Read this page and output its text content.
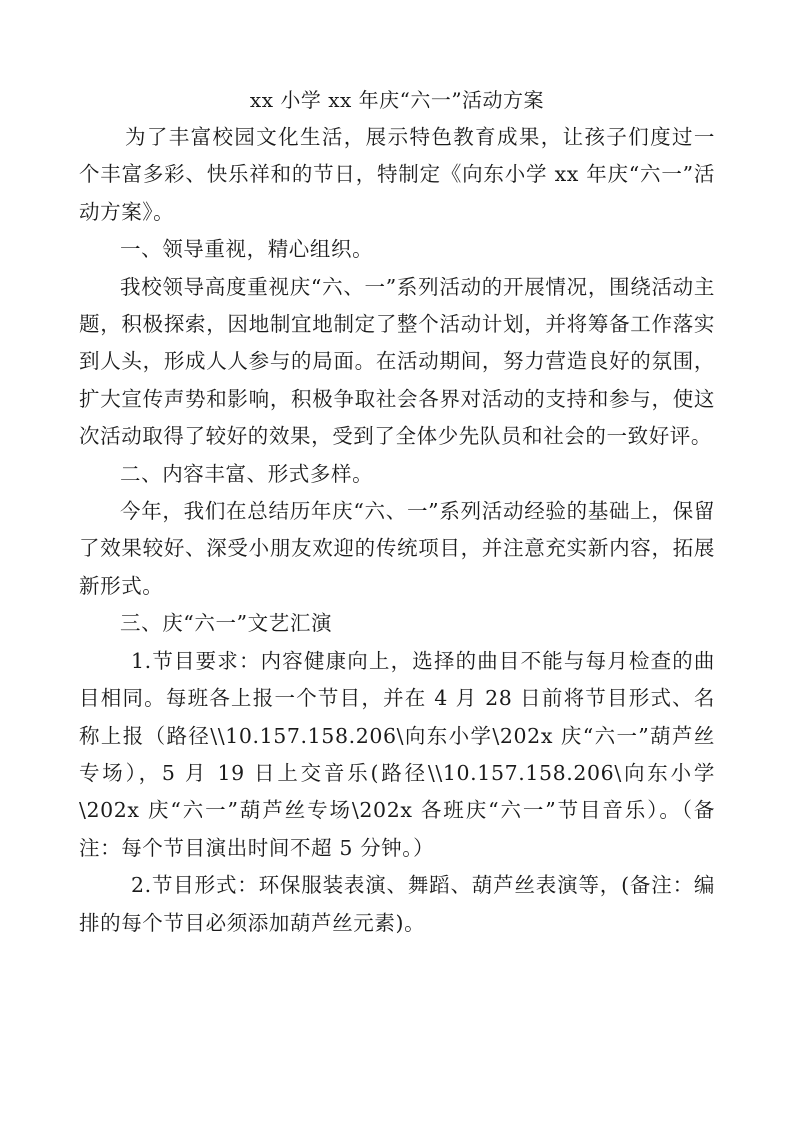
xx 小学 xx 年庆“六一”活动方案

为了丰富校园文化生活，展示特色教育成果，让孩子们度过一个丰富多彩、快乐祥和的节日，特制定《向东小学 xx 年庆“六一”活动方案》。

一、领导重视，精心组织。

我校领导高度重视庆“六、一”系列活动的开展情况，围绕活动主题，积极探索，因地制宜地制定了整个活动计划，并将筹备工作落实到人头，形成人人参与的局面。在活动期间，努力营造良好的氛围，扩大宣传声势和影响，积极争取社会各界对活动的支持和参与，使这次活动取得了较好的效果，受到了全体少先队员和社会的一致好评。

二、内容丰富、形式多样。

今年，我们在总结历年庆“六、一”系列活动经验的基础上，保留了效果较好、深受小朋友欢迎的传统项目，并注意充实新内容，拓展新形式。

三、庆“六一”文艺汇演

1.节目要求：内容健康向上，选择的曲目不能与每月检查的曲目相同。每班各上报一个节目，并在 4 月 28 日前将节目形式、名称上报（路径\\10.157.158.206\向东小学\202x 庆“六一”葫芦丝专场），5 月 19 日上交音乐(路径\\10.157.158.206\向东小学\202x 庆“六一”葫芦丝专场\202x 各班庆“六一”节目音乐）。（备注：每个节目演出时间不超 5 分钟。）

2.节目形式：环保服装表演、舞蹈、葫芦丝表演等，(备注：编排的每个节目必须添加葫芦丝元素)。
